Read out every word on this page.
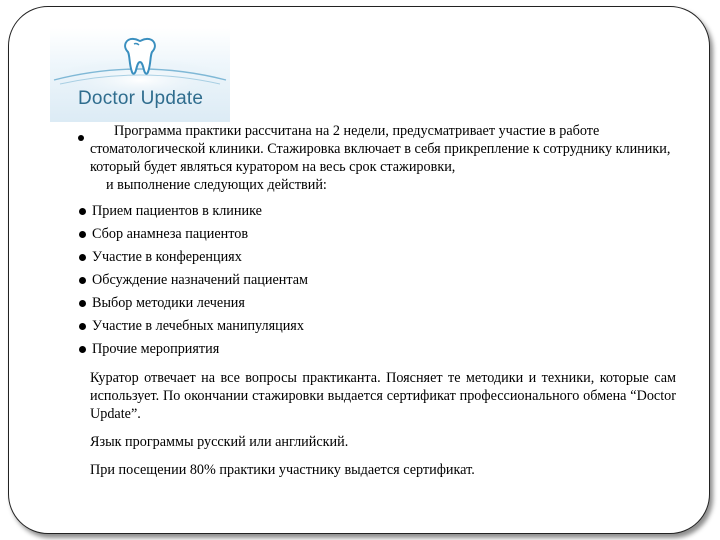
Doctor Update

Программа практики рассчитана на 2 недели, предусматривает участие в работе стоматологической клиники. Стажировка включает в себя прикрепление к сотруднику клиники, который будет являться куратором на весь срок стажировки,
и выполнение следующих действий:

Прием пациентов в клинике
Сбор анамнеза пациентов
Участие в конференциях
Обсуждение назначений пациентам
Выбор методики лечения
Участие в лечебных манипуляциях
Прочие мероприятия

Куратор отвечает на все вопросы практиканта. Поясняет те методики и техники, которые сам использует. По окончании стажировки выдается сертификат профессионального обмена “Doctor Update”.

Язык программы русский или английский.

При посещении 80% практики участнику выдается сертификат.
